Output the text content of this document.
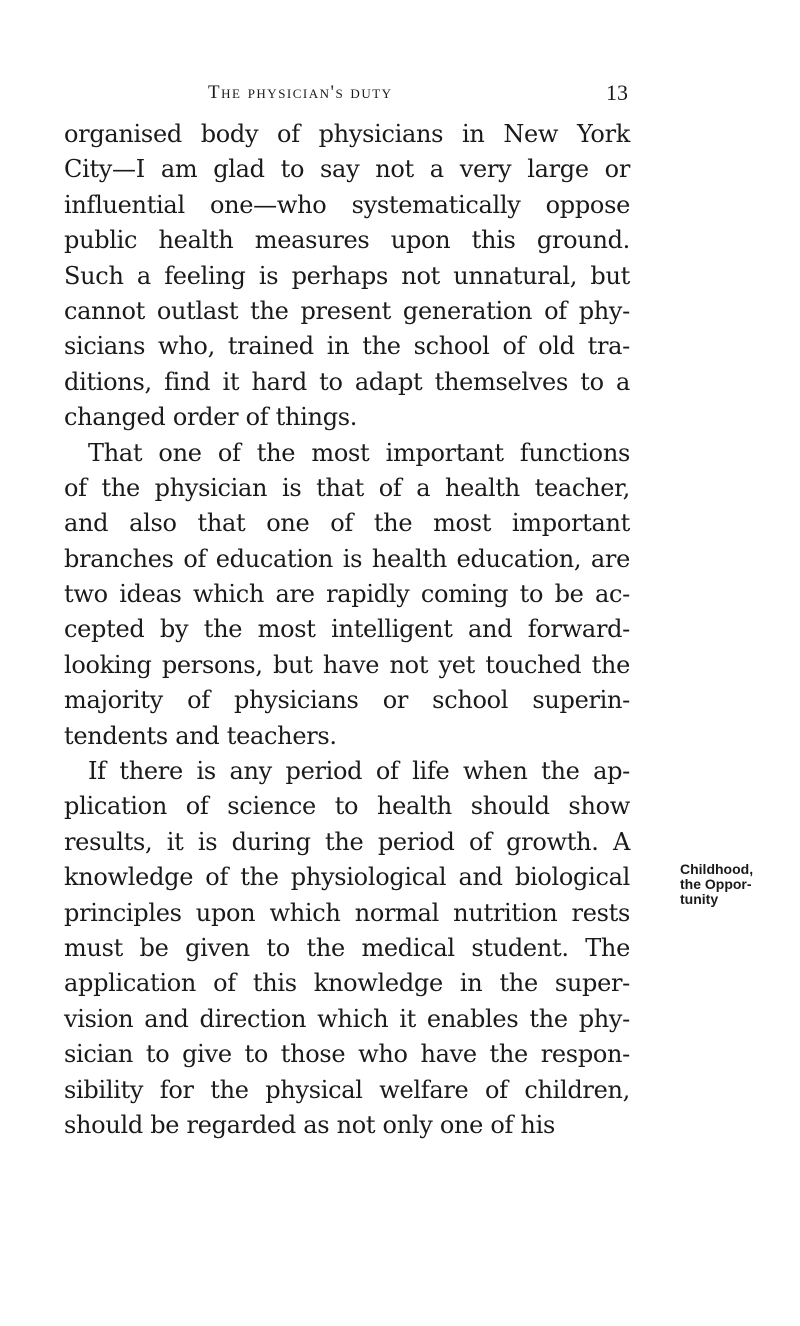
The physician's duty	13
organised body of physicians in New York
City—I am glad to say not a very large or
influential one—who systematically oppose
public health measures upon this ground.
Such a feeling is perhaps not unnatural, but
cannot outlast the present generation of phy-
sicians who, trained in the school of old tra-
ditions, find it hard to adapt themselves to a
changed order of things.
That one of the most important functions
of the physician is that of a health teacher,
and also that one of the most important
branches of education is health education, are
two ideas which are rapidly coming to be ac-
cepted by the most intelligent and forward-
looking persons, but have not yet touched the
majority of physicians or school superin-
tendents and teachers.
If there is any period of life when the ap-
plication of science to health should show
results, it is during the period of growth. A
knowledge of the physiological and biological
principles upon which normal nutrition rests
must be given to the medical student. The
application of this knowledge in the super-
vision and direction which it enables the phy-
sician to give to those who have the respon-
sibility for the physical welfare of children,
should be regarded as not only one of his
Childhood,
the Oppor-
tunity
